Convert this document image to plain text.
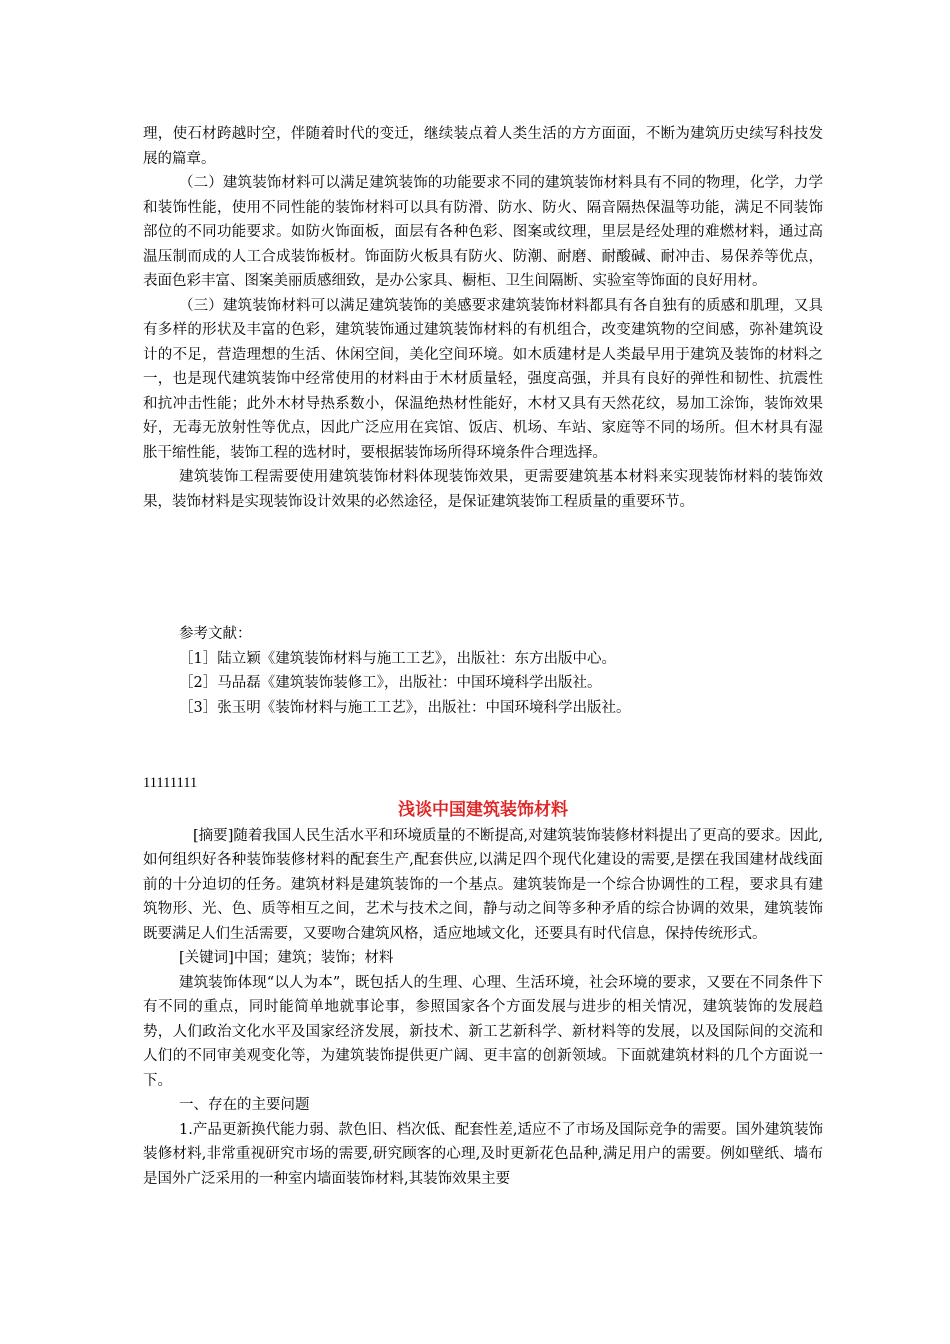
理，使石材跨越时空，伴随着时代的变迁，继续装点着人类生活的方方面面，不断为建筑历史续写科技发展的篇章。

（二）建筑装饰材料可以满足建筑装饰的功能要求不同的建筑装饰材料具有不同的物理，化学，力学和装饰性能，使用不同性能的装饰材料可以具有防滑、防水、防火、隔音隔热保温等功能，满足不同装饰部位的不同功能要求。如防火饰面板，面层有各种色彩、图案或纹理，里层是经处理的难燃材料，通过高温压制而成的人工合成装饰板材。饰面防火板具有防火、防潮、耐磨、耐酸碱、耐冲击、易保养等优点，表面色彩丰富、图案美丽质感细致，是办公家具、橱柜、卫生间隔断、实验室等饰面的良好用材。

（三）建筑装饰材料可以满足建筑装饰的美感要求建筑装饰材料都具有各自独有的质感和肌理，又具有多样的形状及丰富的色彩，建筑装饰通过建筑装饰材料的有机组合，改变建筑物的空间感，弥补建筑设计的不足，营造理想的生活、休闲空间，美化空间环境。如木质建材是人类最早用于建筑及装饰的材料之一，也是现代建筑装饰中经常使用的材料由于木材质量轻，强度高强，并具有良好的弹性和韧性、抗震性和抗冲击性能；此外木材导热系数小，保温绝热材性能好，木材又具有天然花纹，易加工涂饰，装饰效果好，无毒无放射性等优点，因此广泛应用在宾馆、饭店、机场、车站、家庭等不同的场所。但木材具有湿胀干缩性能，装饰工程的选材时，要根据装饰场所得环境条件合理选择。

建筑装饰工程需要使用建筑装饰材料体现装饰效果，更需要建筑基本材料来实现装饰材料的装饰效果，装饰材料是实现装饰设计效果的必然途径，是保证建筑装饰工程质量的重要环节。

参考文献：

［1］陆立颖《建筑装饰材料与施工工艺》，出版社：东方出版中心。

［2］马品磊《建筑装饰装修工》，出版社：中国环境科学出版社。

［3］张玉明《装饰材料与施工工艺》，出版社：中国环境科学出版社。

11111111

浅谈中国建筑装饰材料

[摘要]随着我国人民生活水平和环境质量的不断提高,对建筑装饰装修材料提出了更高的要求。因此,如何组织好各种装饰装修材料的配套生产,配套供应,以满足四个现代化建设的需要,是摆在我国建材战线面前的十分迫切的任务。建筑材料是建筑装饰的一个基点。建筑装饰是一个综合协调性的工程，要求具有建筑物形、光、色、质等相互之间，艺术与技术之间，静与动之间等多种矛盾的综合协调的效果，建筑装饰既要满足人们生活需要，又要吻合建筑风格，适应地域文化，还要具有时代信息，保持传统形式。

[关键词]中国；建筑；装饰；材料

建筑装饰体现“以人为本”，既包括人的生理、心理、生活环境，社会环境的要求，又要在不同条件下有不同的重点，同时能简单地就事论事，参照国家各个方面发展与进步的相关情况，建筑装饰的发展趋势，人们政治文化水平及国家经济发展，新技术、新工艺新科学、新材料等的发展，以及国际间的交流和人们的不同审美观变化等，为建筑装饰提供更广阔、更丰富的创新领域。下面就建筑材料的几个方面说一下。

一、存在的主要问题

1.产品更新换代能力弱、款色旧、档次低、配套性差,适应不了市场及国际竞争的需要。国外建筑装饰装修材料,非常重视研究市场的需要,研究顾客的心理,及时更新花色品种,满足用户的需要。例如壁纸、墙布是国外广泛采用的一种室内墙面装饰材料,其装饰效果主要
